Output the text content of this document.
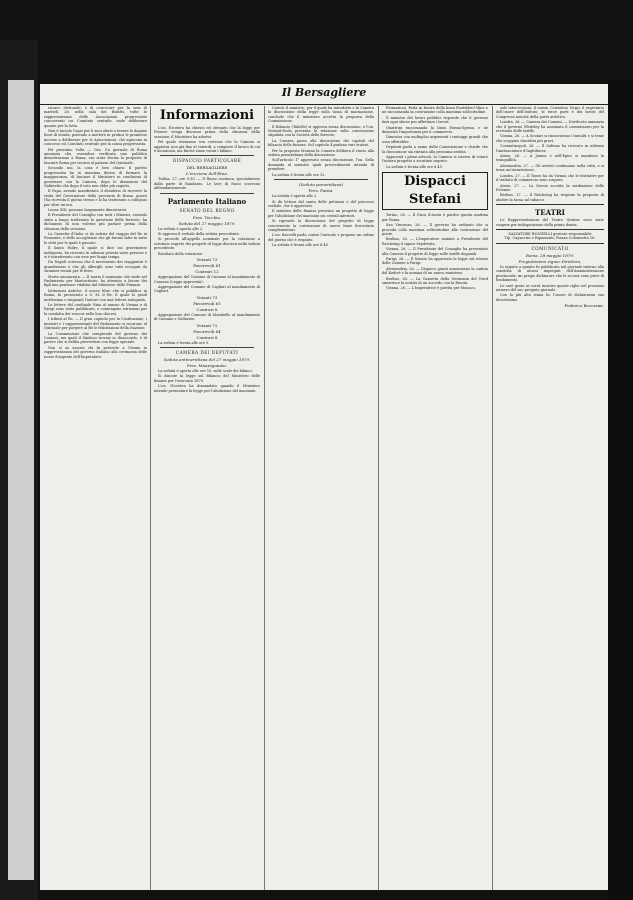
Il Bersagliere

ricorso elettorale: e di convocare per la sera di martedì, 28, nella sala dei Ridotti, tutte le rappresentanze delle Associazioni progressiste concorrenti coi Comitato centrale, onde deliberare quanto per la lotta.

Non è taciuto l'agio per li suoi sforzi a tenere le dogane fuori di strada, ponendo a mettere in pratica le promesse incorse a deliberare per le Associazioni, che agiscono in concorso col Comitato centrale per la causa progressista.

Pel prossimo Volta — Ora. Un giornale di Roma annunzia che, essendosi verificata una pubblica dimostrazione a Roma, era stata decisa la proposta di lasciare Roma per recarsi al palazzo del Quirinale.

Secondo noi, la cosa è ben chiara: il partito progressista ha in massima deciso di formare la maggioranza, di lasciare il Ministero in condizioni di governare con la Camera, dopo le dimissioni del Gabinetto che dopo il voto non ebbe più seguito.

Il Papa, avendo manifestato il desiderio di ricevere la visita del Governatore della provincia di Roma, questi l'ha ricevuta il giorno stesso e lo ha trattenuto a colloquio per oltre un'ora.

Leone XIII, possono largamente dimostrarsi.

Il Presidente del Consiglio con tutti i Ministri, essendo stata a lungo trattenuta la questione delle ferrovie, ha dichiarato di non volerne più parlare prima della chiusura della sessione.

La Gazzetta d'Italia ci da notizia del viaggio del Re in Piemonte, e delle accoglienze che gli furono fatte in tutte le città per le quali è passato.

Il Santo Padre, il quale si dice sia gravemente indisposto, ha ricevuto in udienza privata varie persone e si è intrattenuto con esse per lungo tempo.

Da Napoli scrivono che il movimento dei viaggiatori è grandissimo e che gli alberghi sono tutti occupati da stranieri venuti per le feste.

Morte annunciata. — Il morto il nominato che siede nel Parlamento per Montecitorio, ha ottenuto a favore dei figli una pensione vitalizia dal Ministero delle Finanze.

Istituzioni Antiche, il nuovo libro che si pubblica in Roma, fu presentato a S. M. il Re, il quale lo gradì moltissimo e ringraziò l'autore con una lettera autografa.

Le lettere del cardinale Nina al nunzio di Vienna e di Parigi sono state pubblicate, e contengono istruzioni per la condotta dei vescovi nelle loro diocesi.

I tributi al Re. — Il gran capitolo per la Costituzione, i ministri e i rappresentanti del Parlamento si recarono al Quirinale per porgere al Re le felicitazioni della Nazione.

La Commissione che comprende del governo dei Comuni, nei quali il Sindaco trovasi in disaccordo, è di parere che si debba provvedere con legge speciale.

Non si sa ancora chi fu presente a Vienna in rappresentanza del governo italiano alla cerimonia delle nozze d'argento dell'Imperatore.

Informazioni

L'on. Nicotera ha chiesto ed ottenuto che la legge per Firenze venga discussa prima della chiusura della sessione; il Ministero ha aderito.

Pel quale riteniamo con certezza che la Camera si aggiorni, non già fino al venerdì, a compiere il lavoro di cui è incaricata, ma finchè siano votati i bilanci.

DISPACCIO PARTICOLARE
DEL BERSAGLIERE
L'eruzione dell'Etna.

Trabia, 27, ore 9.50. — Il flusso continua, specialmente dalla parte di Randazzo. Le lave di fuoco scorrono abbondantemente.

Parlamento Italiano
SENATO DEL REGNO
Pres. Tecchio.
Seduta del 27 maggio 1879.

La seduta è aperta alle 2.

Si approva il verbale della seduta precedente.

Si procede all'appello nominale per la votazione a scrutinio segreto dei progetti di legge discussi nella seduta precedente.

Risultato della votazione:

Votanti 73
Favorevoli 61
Contrari 12

Aggregazione del Comune di Cassano al mandamento di Cassano (Legge approvata).

Aggregazione del Comune di Cagliari al mandamento di Cagliari.

Votanti 73
Favorevoli 65
Contrari 8

Aggregazione del Comune di Mombello al mandamento di Cassano e Gallarate.

Votanti 72
Favorevoli 64
Contrari 8

La seduta è levata alle ore 5.

CAMERA DEI DEPUTATI
Seduta antimeridiana del 27 maggio 1879.
Pres. Maurogonato.

La seduta è aperta alle ore 10, sulle scale dei bilanci.

Si discute la legge sul Bilancio del Ministero delle finanze per l'esercizio 1879.

L'on. Nicotera ha domandato quando il Ministero intende presentare la legge per l'abolizione del macinato.

Cairoli, il ministro, per il quale ha introdotto e la Camera la discussione della legge sulla tassa di macinazione, conclude che il ministero accetta la proposta della Commissione.

Il Bilancio (Tabelle) si approva senza discussione, e l'on. Seismit-Doda presenta la relazione sulla convenzione stipulata con la Società delle ferrovie.

La Camera passa alla discussione dei capitoli del bilancio delle finanze. Sul capitolo 4 parlano vari oratori.

Per la proposta Morana la Camera delibera il rinvio alla seduta pomeridiana della discussione.

Sull'articolo 1° approvato senza discussione, l'on. Sella domanda al ministro quali provvedimenti intenda di prendere.

La seduta è levata alle ore 12.

(Seduta pomeridiana)
Pres. Farini.

La seduta è aperta alle 2.

Si dà lettura del sunto delle petizioni e del processo verbale, che è approvato.

Il ministro delle finanze presenta un progetto di legge per l'abolizione del macinato sui cereali inferiori.

Si riprende la discussione del progetto di legge concernente la costruzione di nuove linee ferroviarie complementari.

L'on. Baccelli parla contro l'articolo e propone un ordine del giorno che è respinto.

La seduta è levata alle ore 6.40.

Formazioni. Parla in favore della linea Pontebba-Udine e ne raccomanda la costruzione colla massima sollecitudine.

Il ministro dei lavori pubblici risponde che il governo farà ogni sforzo per affrettare i lavori.

Quattrini raccomanda la linea Parma-Spezia, e ne dimostra l'importanza per il commercio.

Dimostra con molteplici argomenti i vantaggi grandi che essa offrirebbe.

Deputati parla a nome della Commissione e chiede che la discussione sia rinviata alla prossima seduta.

Approvati i primi articoli, la Camera si riserva di votare l'intiero progetto a scrutinio segreto.

La seduta è levata alle ore 6.45.

Dispacci Stefani

Torino, 26. — Il Duca d'Aosta è partito questa mattina per Roma.

San Vincenzo, 26. — Il governo ha ordinato che si proceda colla massima sollecitudine alla costruzione del ponte.

Berlino, 26. — L'Imperatore nominò a Presidente del Reichstag il signor Seydewitz.

Vienna, 26. — Il Presidente del Consiglio ha presentato alla Camera il progetto di legge sulle tariffe doganali.

Parigi, 26. — Il Senato ha approvato la legge sul ritorno delle Camere a Parigi.

Alessandria, 26. — Dispacci giunti annunziano la caduta del Kedivè e la nomina di un nuovo ministero.

Berlino, 26. — La Gazzetta della Germania del Nord smentisce la notizia di un accordo con la Russia.

Vienna, 26. — L'Imperatrice è partita per Monaco.

sale intercessioni, il comm. Cristoforo Negri, il segretario dell'onore dell'Istituto; le terze parti è dei lavori del Congresso nonché della parte artistica.

Londra, 26. — Camera dei Comuni. — Northcote annunzia che il governo Whiteley ha nominato il commissario per la revisione delle tariffe.

Vienna, 26. — A Scutari si rinnovarono i tumulti e si teme che scoppino disordini più gravi.

Costantinopoli, 26. — Il Sultano ha ricevuto in udienza l'ambasciatore d'Inghilterra.

Atene, 26. — A Janina e nell'Epiro si mantiene la tranquillità.

Alessandria, 27. — Gli arresti continuano nella città, e si teme un'insurrezione.

Londra, 27. — Il Times ha da Vienna che le trattative per il trattato di commercio sono sospese.

Atene, 27. — La Grecia accetta la mediazione delle Potenze.

Berlino, 27. — Il Reichstag ha respinto la proposta di abolire la tassa sul tabacco.

TEATRI

Le Rappresentazioni del Teatro Quirino sono state sospese per indisposizione della prima donna.

SALVATORE BONZELLI gerente responsabile
Tip. Capaccini e Ripamonti, Piazza Colonnetta 16.
COMUNICATO
Roma, 28 maggio 1879.
Pregiatissimo signor Direttore,

In seguito a quanto fu pubblicato nel giornale intorno alla condotta di alcuni impiegati dell'Amministrazione provinciale, mi pregio dichiarare che le accuse sono prive di fondamento.

Le sarò grato se vorrà inserire queste righe nel prossimo numero del suo pregiato giornale.

Con la più alta stima ho l'onore di dichiararmi suo devotissimo.

Federico Baccarini.
